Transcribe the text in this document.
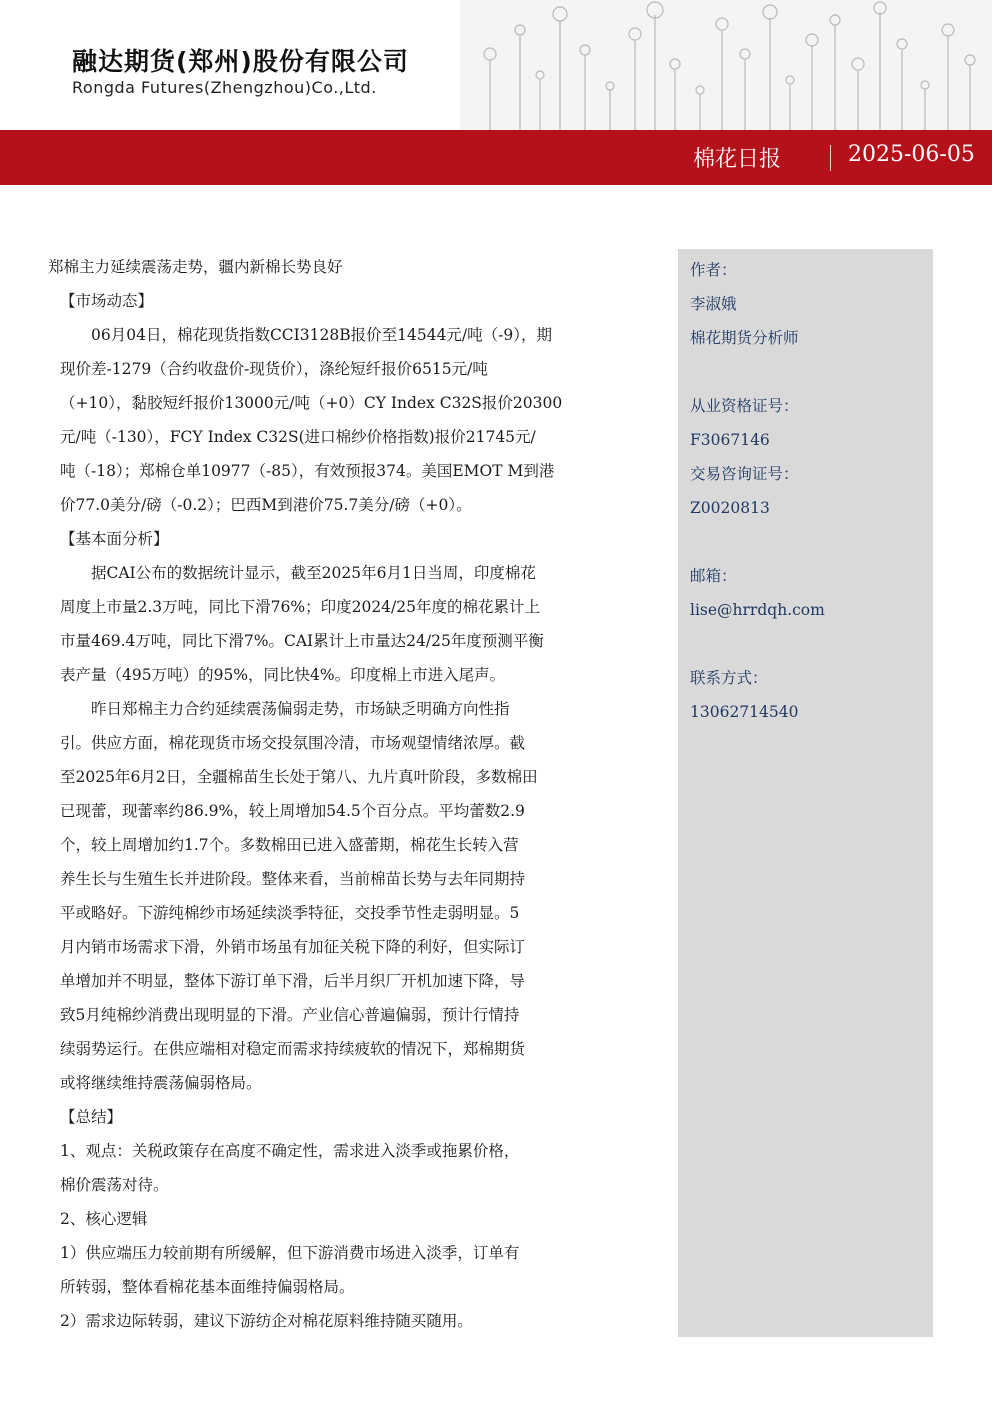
融达期货(郑州)股份有限公司
Rongda Futures(Zhengzhou)Co.,Ltd.
棉花日报	2025-06-05

郑棉主力延续震荡走势，疆内新棉长势良好

【市场动态】

06月04日，棉花现货指数CCI3128B报价至14544元/吨（-9），期

现价差-1279（合约收盘价-现货价），涤纶短纤报价6515元/吨

（+10），黏胶短纤报价13000元/吨（+0）CY Index C32S报价20300

元/吨（-130），FCY Index C32S(进口棉纱价格指数)报价21745元/

吨（-18）；郑棉仓单10977（-85），有效预报374。美国EMOT M到港

价77.0美分/磅（-0.2）；巴西M到港价75.7美分/磅（+0）。

【基本面分析】

据CAI公布的数据统计显示，截至2025年6月1日当周，印度棉花

周度上市量2.3万吨，同比下滑76%；印度2024/25年度的棉花累计上

市量469.4万吨，同比下滑7%。CAI累计上市量达24/25年度预测平衡

表产量（495万吨）的95%，同比快4%。印度棉上市进入尾声。

昨日郑棉主力合约延续震荡偏弱走势，市场缺乏明确方向性指

引。供应方面，棉花现货市场交投氛围冷清，市场观望情绪浓厚。截

至2025年6月2日，全疆棉苗生长处于第八、九片真叶阶段，多数棉田

已现蕾，现蕾率约86.9%，较上周增加54.5个百分点。平均蕾数2.9

个，较上周增加约1.7个。多数棉田已进入盛蕾期，棉花生长转入营

养生长与生殖生长并进阶段。整体来看，当前棉苗长势与去年同期持

平或略好。下游纯棉纱市场延续淡季特征，交投季节性走弱明显。5

月内销市场需求下滑，外销市场虽有加征关税下降的利好，但实际订

单增加并不明显，整体下游订单下滑，后半月织厂开机加速下降，导

致5月纯棉纱消费出现明显的下滑。产业信心普遍偏弱，预计行情持

续弱势运行。在供应端相对稳定而需求持续疲软的情况下，郑棉期货

或将继续维持震荡偏弱格局。

【总结】

1、观点：关税政策存在高度不确定性，需求进入淡季或拖累价格，

棉价震荡对待。

2、核心逻辑

1）供应端压力较前期有所缓解，但下游消费市场进入淡季，订单有

所转弱，整体看棉花基本面维持偏弱格局。

2）需求边际转弱，建议下游纺企对棉花原料维持随买随用。

作者：
李淑娥
棉花期货分析师
从业资格证号：
F3067146
交易咨询证号：
Z0020813
邮箱：
lise@hrrdqh.com
联系方式：
13062714540
